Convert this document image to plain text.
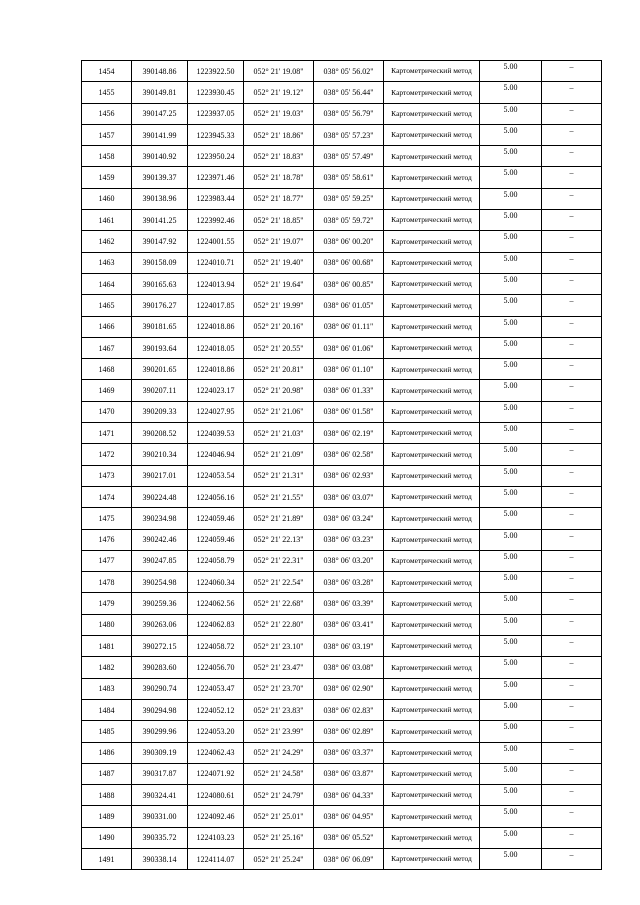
1454	390148.86	1223922.50	052° 21' 19.08"	038° 05' 56.02"	Картометрический метод	5.00	–
1455	390149.81	1223930.45	052° 21' 19.12"	038° 05' 56.44"	Картометрический метод	5.00	–
1456	390147.25	1223937.05	052° 21' 19.03"	038° 05' 56.79"	Картометрический метод	5.00	–
1457	390141.99	1223945.33	052° 21' 18.86"	038° 05' 57.23"	Картометрический метод	5.00	–
1458	390140.92	1223950.24	052° 21' 18.83"	038° 05' 57.49"	Картометрический метод	5.00	–
1459	390139.37	1223971.46	052° 21' 18.78"	038° 05' 58.61"	Картометрический метод	5.00	–
1460	390138.96	1223983.44	052° 21' 18.77"	038° 05' 59.25"	Картометрический метод	5.00	–
1461	390141.25	1223992.46	052° 21' 18.85"	038° 05' 59.72"	Картометрический метод	5.00	–
1462	390147.92	1224001.55	052° 21' 19.07"	038° 06' 00.20"	Картометрический метод	5.00	–
1463	390158.09	1224010.71	052° 21' 19.40"	038° 06' 00.68"	Картометрический метод	5.00	–
1464	390165.63	1224013.94	052° 21' 19.64"	038° 06' 00.85"	Картометрический метод	5.00	–
1465	390176.27	1224017.85	052° 21' 19.99"	038° 06' 01.05"	Картометрический метод	5.00	–
1466	390181.65	1224018.86	052° 21' 20.16"	038° 06' 01.11"	Картометрический метод	5.00	–
1467	390193.64	1224018.05	052° 21' 20.55"	038° 06' 01.06"	Картометрический метод	5.00	–
1468	390201.65	1224018.86	052° 21' 20.81"	038° 06' 01.10"	Картометрический метод	5.00	–
1469	390207.11	1224023.17	052° 21' 20.98"	038° 06' 01.33"	Картометрический метод	5.00	–
1470	390209.33	1224027.95	052° 21' 21.06"	038° 06' 01.58"	Картометрический метод	5.00	–
1471	390208.52	1224039.53	052° 21' 21.03"	038° 06' 02.19"	Картометрический метод	5.00	–
1472	390210.34	1224046.94	052° 21' 21.09"	038° 06' 02.58"	Картометрический метод	5.00	–
1473	390217.01	1224053.54	052° 21' 21.31"	038° 06' 02.93"	Картометрический метод	5.00	–
1474	390224.48	1224056.16	052° 21' 21.55"	038° 06' 03.07"	Картометрический метод	5.00	–
1475	390234.98	1224059.46	052° 21' 21.89"	038° 06' 03.24"	Картометрический метод	5.00	–
1476	390242.46	1224059.46	052° 21' 22.13"	038° 06' 03.23"	Картометрический метод	5.00	–
1477	390247.85	1224058.79	052° 21' 22.31"	038° 06' 03.20"	Картометрический метод	5.00	–
1478	390254.98	1224060.34	052° 21' 22.54"	038° 06' 03.28"	Картометрический метод	5.00	–
1479	390259.36	1224062.56	052° 21' 22.68"	038° 06' 03.39"	Картометрический метод	5.00	–
1480	390263.06	1224062.83	052° 21' 22.80"	038° 06' 03.41"	Картометрический метод	5.00	–
1481	390272.15	1224058.72	052° 21' 23.10"	038° 06' 03.19"	Картометрический метод	5.00	–
1482	390283.60	1224056.70	052° 21' 23.47"	038° 06' 03.08"	Картометрический метод	5.00	–
1483	390290.74	1224053.47	052° 21' 23.70"	038° 06' 02.90"	Картометрический метод	5.00	–
1484	390294.98	1224052.12	052° 21' 23.83"	038° 06' 02.83"	Картометрический метод	5.00	–
1485	390299.96	1224053.20	052° 21' 23.99"	038° 06' 02.89"	Картометрический метод	5.00	–
1486	390309.19	1224062.43	052° 21' 24.29"	038° 06' 03.37"	Картометрический метод	5.00	–
1487	390317.87	1224071.92	052° 21' 24.58"	038° 06' 03.87"	Картометрический метод	5.00	–
1488	390324.41	1224080.61	052° 21' 24.79"	038° 06' 04.33"	Картометрический метод	5.00	–
1489	390331.00	1224092.46	052° 21' 25.01"	038° 06' 04.95"	Картометрический метод	5.00	–
1490	390335.72	1224103.23	052° 21' 25.16"	038° 06' 05.52"	Картометрический метод	5.00	–
1491	390338.14	1224114.07	052° 21' 25.24"	038° 06' 06.09"	Картометрический метод	5.00	–
